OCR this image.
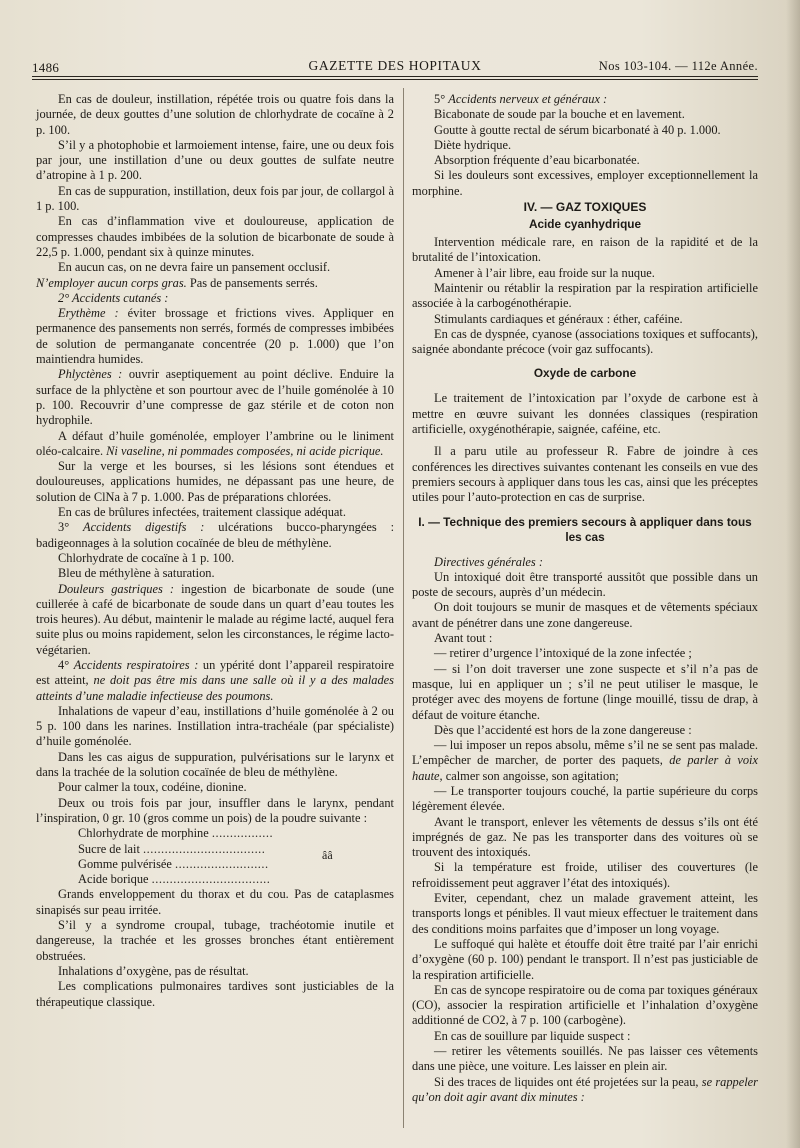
1486	GAZETTE DES HOPITAUX	Nos 103-104. — 112e Année.

En cas de douleur, instillation, répétée trois ou quatre fois dans la journée, de deux gouttes d’une solution de chlorhydrate de cocaïne à 2 p. 100.

S’il y a photophobie et larmoiement intense, faire, une ou deux fois par jour, une instillation d’une ou deux gouttes de sulfate neutre d’atropine à 1 p. 200.

En cas de suppuration, instillation, deux fois par jour, de collargol à 1 p. 100.

En cas d’inflammation vive et douloureuse, application de compresses chaudes imbibées de la solution de bicarbonate de soude à 22,5 p. 1.000, pendant six à quinze minutes.

En aucun cas, on ne devra faire un pansement occlusif.
N’employer aucun corps gras. Pas de pansements serrés.

2° Accidents cutanés :

Erythème : éviter brossage et frictions vives. Appliquer en permanence des pansements non serrés, formés de compresses imbibées de solution de permanganate concentrée (20 p. 1.000) que l’on maintiendra humides.

Phlyctènes : ouvrir aseptiquement au point déclive. Enduire la surface de la phlyctène et son pourtour avec de l’huile goménolée à 10 p. 100. Recouvrir d’une compresse de gaz stérile et de coton non hydrophile.

A défaut d’huile goménolée, employer l’ambrine ou le liniment oléo-calcaire. Ni vaseline, ni pommades composées, ni acide picrique.

Sur la verge et les bourses, si les lésions sont étendues et douloureuses, applications humides, ne dépassant pas une heure, de solution de ClNa à 7 p. 1.000. Pas de préparations chlorées.

En cas de brûlures infectées, traitement classique adéquat.

3° Accidents digestifs : ulcérations bucco-pharyngées : badigeonnages à la solution cocaïnée de bleu de méthylène.

Chlorhydrate de cocaïne à 1 p. 100.

Bleu de méthylène à saturation.

Douleurs gastriques : ingestion de bicarbonate de soude (une cuillerée à café de bicarbonate de soude dans un quart d’eau toutes les trois heures). Au début, maintenir le malade au régime lacté, auquel fera suite plus ou moins rapidement, selon les circonstances, le régime lacto-végétarien.

4° Accidents respiratoires : un ypérité dont l’appareil respiratoire est atteint, ne doit pas être mis dans une salle où il y a des malades atteints d’une maladie infectieuse des poumons.

Inhalations de vapeur d’eau, instillations d’huile goménolée à 2 ou 5 p. 100 dans les narines. Instillation intra-trachéale (par spécialiste) d’huile goménolée.

Dans les cas aigus de suppuration, pulvérisations sur le larynx et dans la trachée de la solution cocaïnée de bleu de méthylène.

Pour calmer la toux, codéine, dionine.

Deux ou trois fois par jour, insuffler dans le larynx, pendant l’inspiration, 0 gr. 10 (gros comme un pois) de la poudre suivante :

Chlorhydrate de morphine .................
Sucre de lait ..................................
Gomme pulvérisée ..........................
Acide borique .................................
ââ

Grands enveloppement du thorax et du cou. Pas de cataplasmes sinapisés sur peau irritée.

S’il y a syndrome croupal, tubage, trachéotomie inutile et dangereuse, la trachée et les grosses bronches étant entièrement obstruées.

Inhalations d’oxygène, pas de résultat.

Les complications pulmonaires tardives sont justiciables de la thérapeutique classique.

5° Accidents nerveux et généraux :

Bicabonate de soude par la bouche et en lavement.

Goutte à goutte rectal de sérum bicarbonaté à 40 p. 1.000.

Diète hydrique.

Absorption fréquente d’eau bicarbonatée.

Si les douleurs sont excessives, employer exceptionnellement la morphine.

IV. — GAZ TOXIQUES
Acide cyanhydrique

Intervention médicale rare, en raison de la rapidité et de la brutalité de l’intoxication.

Amener à l’air libre, eau froide sur la nuque.

Maintenir ou rétablir la respiration par la respiration artificielle associée à la carbogénothérapie.

Stimulants cardiaques et généraux : éther, caféine.

En cas de dyspnée, cyanose (associations toxiques et suffocants), saignée abondante précoce (voir gaz suffocants).

Oxyde de carbone

Le traitement de l’intoxication par l’oxyde de carbone est à mettre en œuvre suivant les données classiques (respiration artificielle, oxygénothérapie, saignée, caféine, etc.

Il a paru utile au professeur R. Fabre de joindre à ces conférences les directives suivantes contenant les conseils en vue des premiers secours à appliquer dans tous les cas, ainsi que les préceptes utiles pour l’auto-protection en cas de surprise.

I. — Technique des premiers secours à appliquer dans tous les cas

Directives générales :

Un intoxiqué doit être transporté aussitôt que possible dans un poste de secours, auprès d’un médecin.

On doit toujours se munir de masques et de vêtements spéciaux avant de pénétrer dans une zone dangereuse.

Avant tout :

— retirer d’urgence l’intoxiqué de la zone infectée ;

— si l’on doit traverser une zone suspecte et s’il n’a pas de masque, lui en appliquer un ; s’il ne peut utiliser le masque, le protéger avec des moyens de fortune (linge mouillé, tissu de drap, à défaut de voiture étanche.

Dès que l’accidenté est hors de la zone dangereuse :

— lui imposer un repos absolu, même s’il ne se sent pas malade. L’empêcher de marcher, de porter des paquets, de parler à voix haute, calmer son angoisse, son agitation;

— Le transporter toujours couché, la partie supérieure du corps légèrement élevée.

Avant le transport, enlever les vêtements de dessus s’ils ont été imprégnés de gaz. Ne pas les transporter dans des voitures où se trouvent des intoxiqués.

Si la température est froide, utiliser des couvertures (le refroidissement peut aggraver l’état des intoxiqués).

Eviter, cependant, chez un malade gravement atteint, les transports longs et pénibles. Il vaut mieux effectuer le traitement dans des conditions moins parfaites que d’imposer un long voyage.

Le suffoqué qui halète et étouffe doit être traité par l’air enrichi d’oxygène (60 p. 100) pendant le transport. Il n’est pas justiciable de la respiration artificielle.

En cas de syncope respiratoire ou de coma par toxiques généraux (CO), associer la respiration artificielle et l’inhalation d’oxygène additionné de CO2, à 7 p. 100 (carbogène).

En cas de souillure par liquide suspect :

— retirer les vêtements souillés. Ne pas laisser ces vêtements dans une pièce, une voiture. Les laisser en plein air.

Si des traces de liquides ont été projetées sur la peau, se rappeler qu’on doit agir avant dix minutes :
